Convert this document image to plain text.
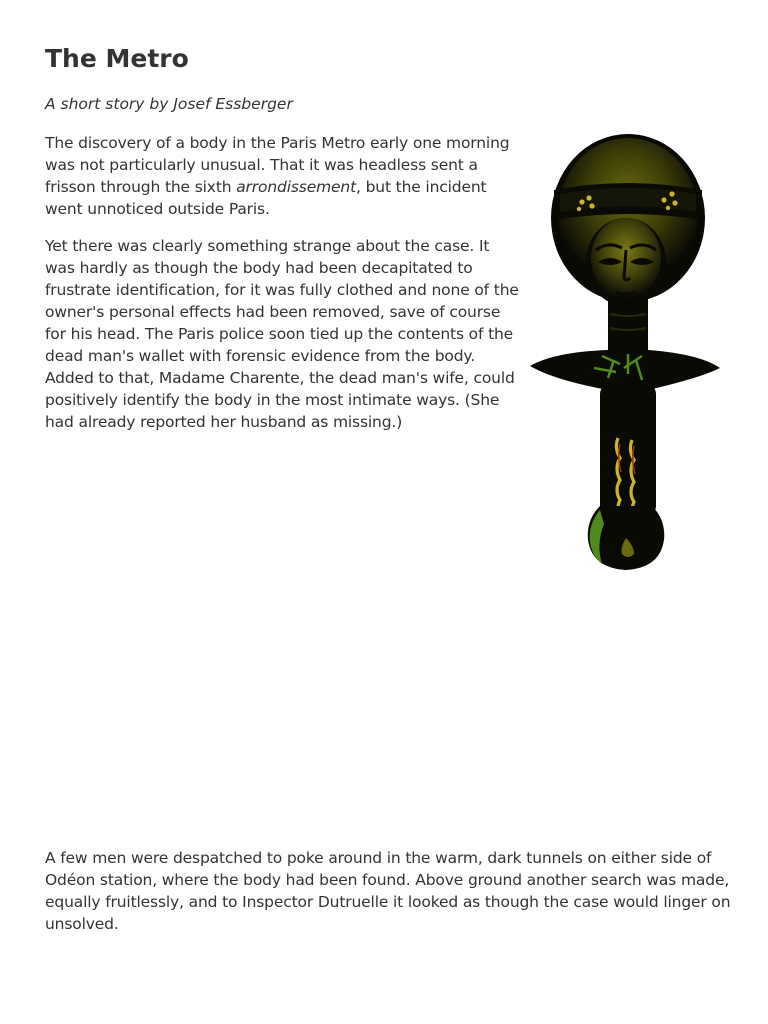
The Metro

A short story by Josef Essberger

The discovery of a body in the Paris Metro early one morning was not particularly unusual. That it was headless sent a frisson through the sixth arrondissement, but the incident went unnoticed outside Paris.

Yet there was clearly something strange about the case. It was hardly as though the body had been decapitated to frustrate identification, for it was fully clothed and none of the owner's personal effects had been removed, save of course for his head. The Paris police soon tied up the contents of the dead man's wallet with forensic evidence from the body. Added to that, Madame Charente, the dead man's wife, could positively identify the body in the most intimate ways. (She had already reported her husband as missing.)

A few men were despatched to poke around in the warm, dark tunnels on either side of Odéon station, where the body had been found. Above ground another search was made, equally fruitlessly, and to Inspector Dutruelle it looked as though the case would linger on unsolved.
